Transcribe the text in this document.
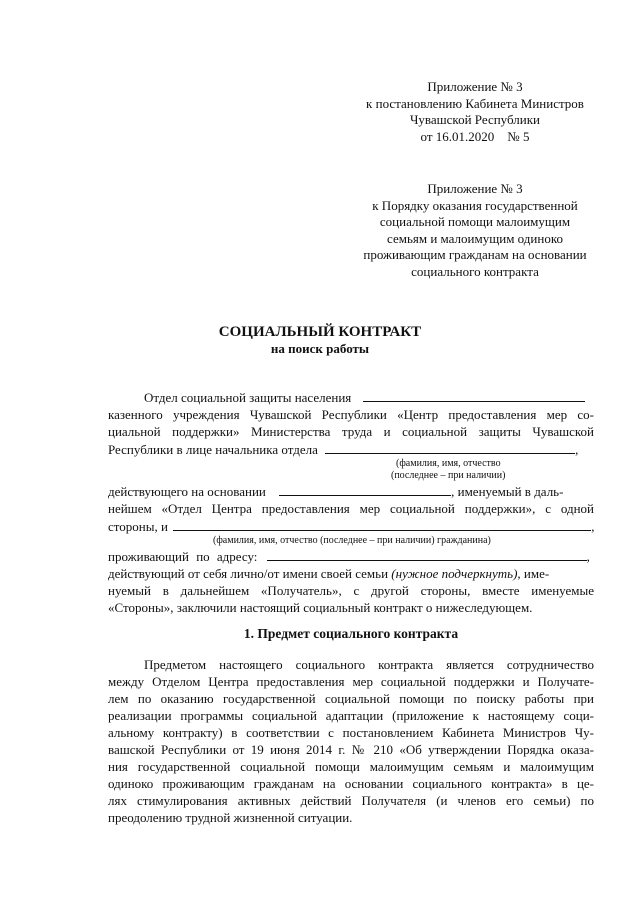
Приложение № 3
к постановлению Кабинета Министров
Чувашской Республики
от 16.01.2020    № 5
Приложение № 3
к Порядку оказания государственной
социальной помощи малоимущим
семьям и малоимущим одиноко
проживающим гражданам на основании
социального контракта
СОЦИАЛЬНЫЙ КОНТРАКТ
на поиск работы
Отдел социальной защиты населения
казенного учреждения Чувашской Республики «Центр предоставления мер со-
циальной поддержки» Министерства труда и социальной защиты Чувашской
Республики в лице начальника отдела	,
(фамилия, имя, отчество
(последнее – при наличии)
действующего на основании	, именуемый в даль-
нейшем «Отдел Центра предоставления мер социальной поддержки», с одной
стороны, и	,
(фамилия, имя, отчество (последнее – при наличии) гражданина)
проживающий по адресу:	,
действующий от себя лично/от имени своей семьи (нужное подчеркнуть), име-
нуемый в дальнейшем «Получатель», с другой стороны, вместе именуемые
«Стороны», заключили настоящий социальный контракт о нижеследующем.
1. Предмет социального контракта
Предметом настоящего социального контракта является сотрудничество
между Отделом Центра предоставления мер социальной поддержки и Получате-
лем по оказанию государственной социальной помощи по поиску работы при
реализации программы социальной адаптации (приложение к настоящему соци-
альному контракту) в соответствии с постановлением Кабинета Министров Чу-
вашской Республики от 19 июня 2014 г. № 210 «Об утверждении Порядка оказа-
ния государственной социальной помощи малоимущим семьям и малоимущим
одиноко проживающим гражданам на основании социального контракта» в це-
лях стимулирования активных действий Получателя (и членов его семьи) по
преодолению трудной жизненной ситуации.
